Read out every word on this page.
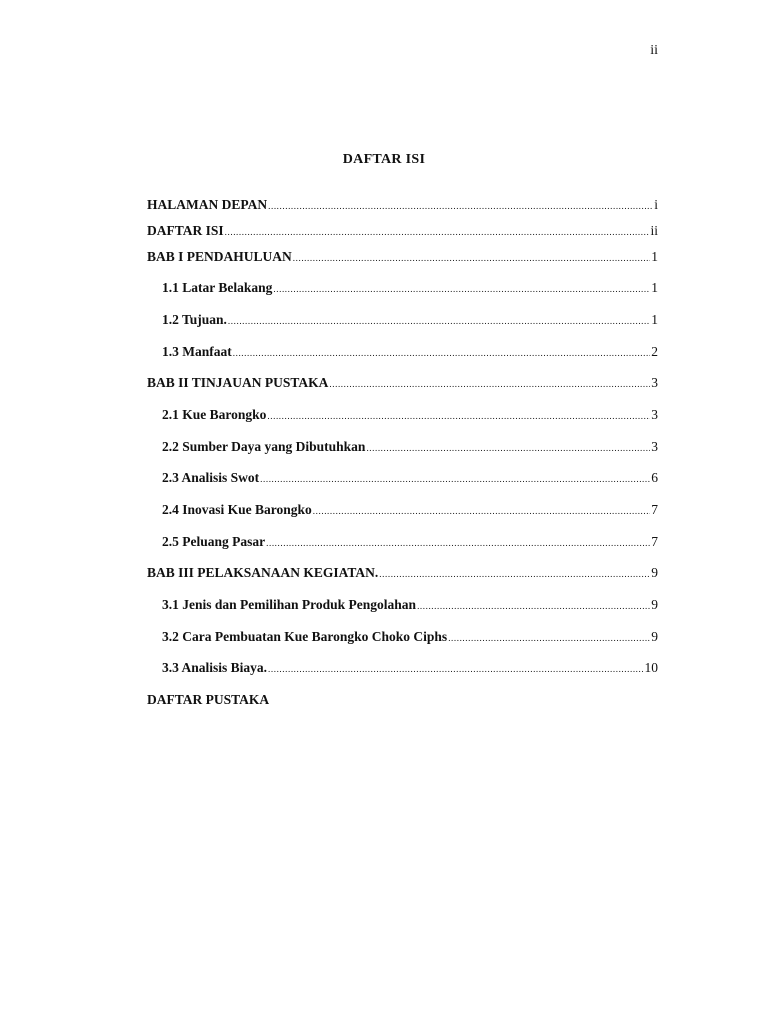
ii
DAFTAR ISI
HALAMAN DEPAN .....	i
DAFTAR ISI .....	ii
BAB I PENDAHULUAN .....	1
1.1 Latar Belakang .....	1
1.2 Tujuan. .....	1
1.3 Manfaat .....	2
BAB II TINJAUAN PUSTAKA .....	3
2.1 Kue Barongko .....	3
2.2 Sumber Daya yang Dibutuhkan .....	3
2.3 Analisis Swot .....	6
2.4 Inovasi Kue Barongko .....	7
2.5 Peluang Pasar .....	7
BAB III PELAKSANAAN KEGIATAN. .....	9
3.1 Jenis dan Pemilihan Produk Pengolahan .....	9
3.2 Cara Pembuatan Kue Barongko Choko Ciphs .....	9
3.3 Analisis Biaya. .....	10
DAFTAR PUSTAKA
